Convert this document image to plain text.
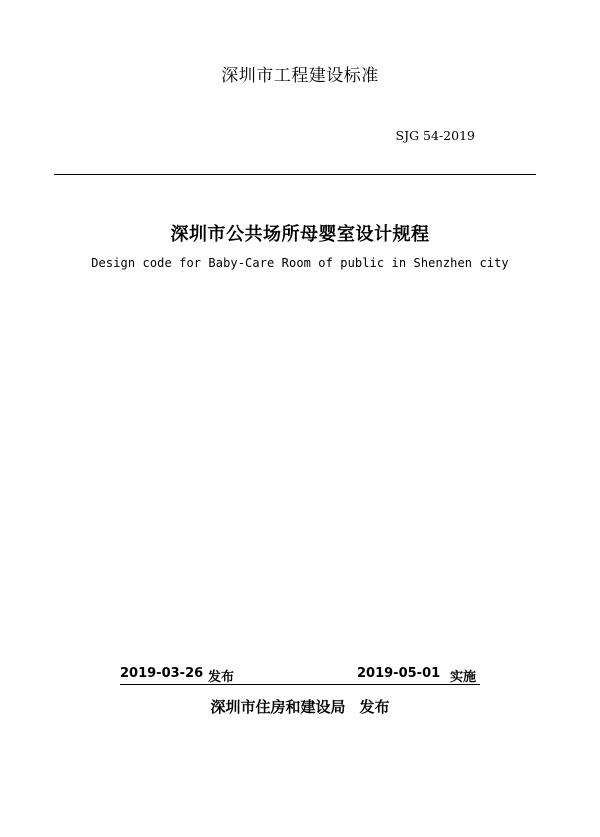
深圳市工程建设标准
SJG 54-2019
深圳市公共场所母婴室设计规程
Design code for Baby-Care Room of public in Shenzhen city
2019-03-26 发布	2019-05-01 实施
深圳市住房和建设局 发布
